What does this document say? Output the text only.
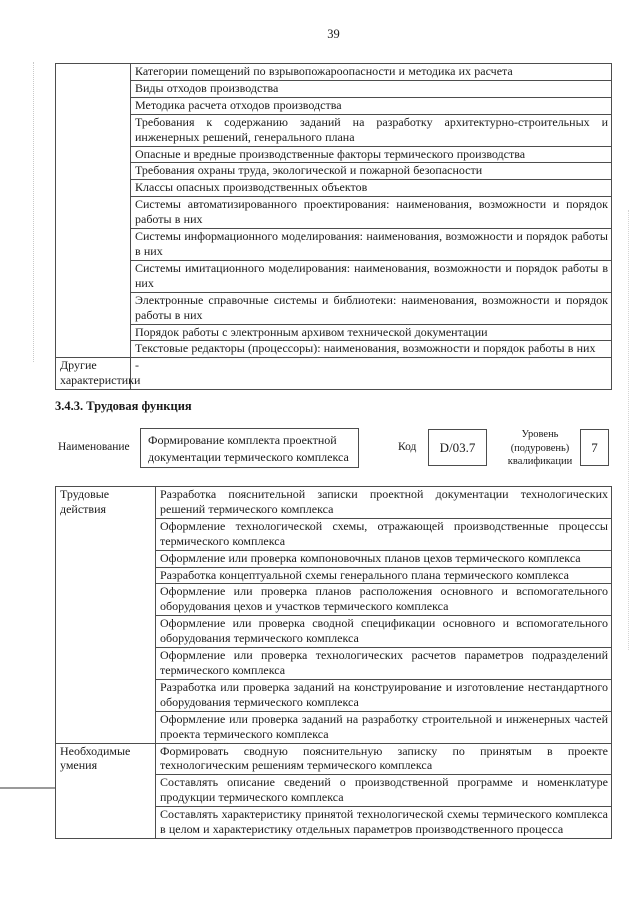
39
	Категории помещений по взрывопожароопасности и методика их расчета
	Виды отходов производства
	Методика расчета отходов производства
	Требования к содержанию заданий на разработку архитектурно-строительных и инженерных решений, генерального плана
	Опасные и вредные производственные факторы термического производства
	Требования охраны труда, экологической и пожарной безопасности
	Классы опасных производственных объектов
	Системы автоматизированного проектирования: наименования, возможности и порядок работы в них
	Системы информационного моделирования: наименования, возможности и порядок работы в них
	Системы имитационного моделирования: наименования, возможности и порядок работы в них
	Электронные справочные системы и библиотеки: наименования, возможности и порядок работы в них
	Порядок работы с электронным архивом технической документации
	Текстовые редакторы (процессоры): наименования, возможности и порядок работы в них
Другие характеристики	-
3.4.3. Трудовая функция
Наименование	Формирование комплекта проектной документации термического комплекса
Код	D/03.7
Уровень (подуровень) квалификации
7
Трудовые действия	Разработка пояснительной записки проектной документации технологических решений термического комплекса
	Оформление технологической схемы, отражающей производственные процессы термического комплекса
	Оформление или проверка компоновочных планов цехов термического комплекса
	Разработка концептуальной схемы генерального плана термического комплекса
	Оформление или проверка планов расположения основного и вспомогательного оборудования цехов и участков термического комплекса
	Оформление или проверка сводной спецификации основного и вспомогательного оборудования термического комплекса
	Оформление или проверка технологических расчетов параметров подразделений термического комплекса
	Разработка или проверка заданий на конструирование и изготовление нестандартного оборудования термического комплекса
	Оформление или проверка заданий на разработку строительной и инженерных частей проекта термического комплекса
Необходимые умения	Формировать сводную пояснительную записку по принятым в проекте технологическим решениям термического комплекса
	Составлять описание сведений о производственной программе и номенклатуре продукции термического комплекса
	Составлять характеристику принятой технологической схемы термического комплекса в целом и характеристику отдельных параметров производственного процесса
